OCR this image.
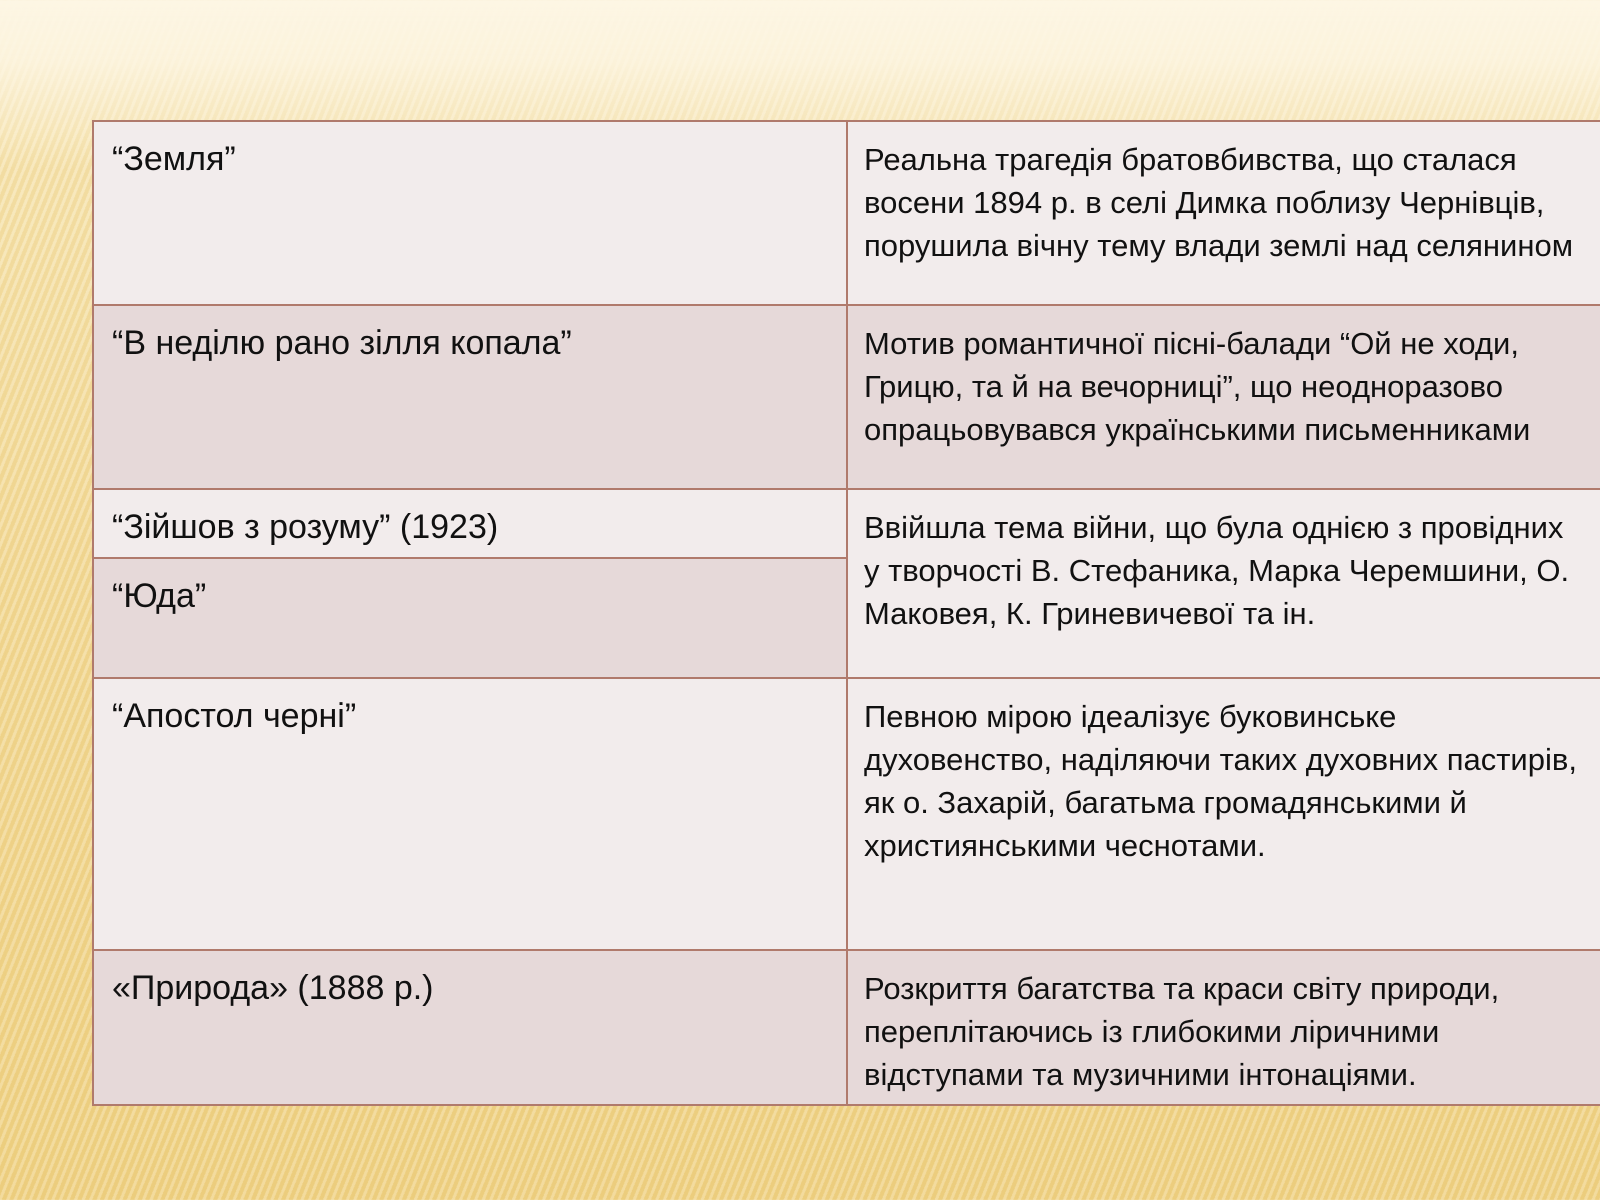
“Земля”	Реальна трагедія братовбивства, що сталася восени 1894 р. в селі Димка поблизу Чернівців, порушила вічну тему влади землі над селянином
“В неділю рано зілля копала”	Мотив романтичної пісні-балади “Ой не ходи, Грицю, та й на вечорниці”, що неодноразово опрацьовувався українськими письменниками
“Зійшов з розуму” (1923)	Ввійшла тема війни, що була однією з провідних у творчості В. Стефаника, Марка Черемшини, О. Маковея, К. Гриневичевої та ін.
“Юда”	
“Апостол черні”	Певною мірою ідеалізує буковинське духовенство, наділяючи таких духовних пастирів, як о. Захарій, багатьма громадянськими й християнськими чеснотами.
«Природа» (1888 р.)	Розкриття багатства та краси світу природи, переплітаючись із глибокими ліричними відступами та музичними інтонаціями.
